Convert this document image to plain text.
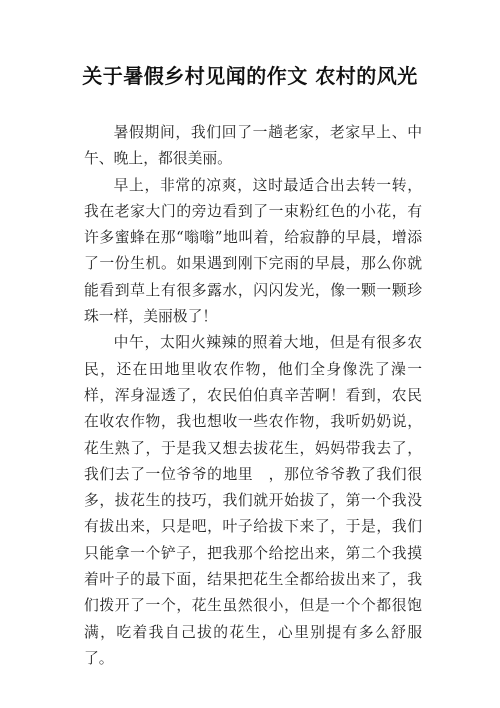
关于暑假乡村见闻的作文 农村的风光

暑假期间，我们回了一趟老家，老家早上、中午、晚上，都很美丽。

早上，非常的凉爽，这时最适合出去转一转，我在老家大门的旁边看到了一束粉红色的小花，有许多蜜蜂在那“嗡嗡”地叫着，给寂静的早晨，增添了一份生机。如果遇到刚下完雨的早晨，那么你就能看到草上有很多露水，闪闪发光，像一颗一颗珍珠一样，美丽极了！

中午，太阳火辣辣的照着大地，但是有很多农民，还在田地里收农作物，他们全身像洗了澡一样，浑身湿透了，农民伯伯真辛苦啊！看到，农民在收农作物，我也想收一些农作物，我听奶奶说，花生熟了，于是我又想去拔花生，妈妈带我去了，我们去了一位爷爷的地里　，那位爷爷教了我们很多，拔花生的技巧，我们就开始拔了，第一个我没有拔出来，只是吧，叶子给拔下来了，于是，我们只能拿一个铲子，把我那个给挖出来，第二个我摸着叶子的最下面，结果把花生全都给拔出来了，我们拨开了一个，花生虽然很小，但是一个个都很饱满，吃着我自己拔的花生，心里别提有多么舒服了。
